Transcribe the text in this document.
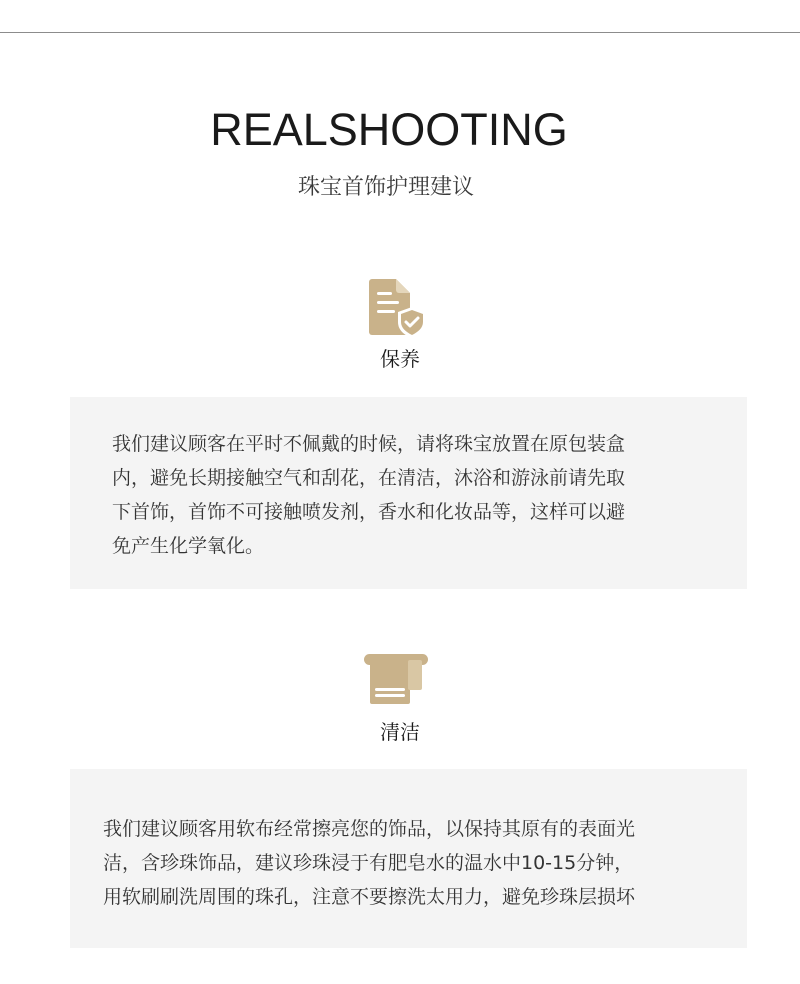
REALSHOOTING
珠宝首饰护理建议
保养
我们建议顾客在平时不佩戴的时候，请将珠宝放置在原包装盒
内，避免长期接触空气和刮花，在清洁，沐浴和游泳前请先取
下首饰，首饰不可接触喷发剂，香水和化妆品等，这样可以避
免产生化学氧化。
清洁
我们建议顾客用软布经常擦亮您的饰品，以保持其原有的表面光
洁，含珍珠饰品，建议珍珠浸于有肥皂水的温水中10-15分钟，
用软刷刷洗周围的珠孔，注意不要擦洗太用力，避免珍珠层损坏
